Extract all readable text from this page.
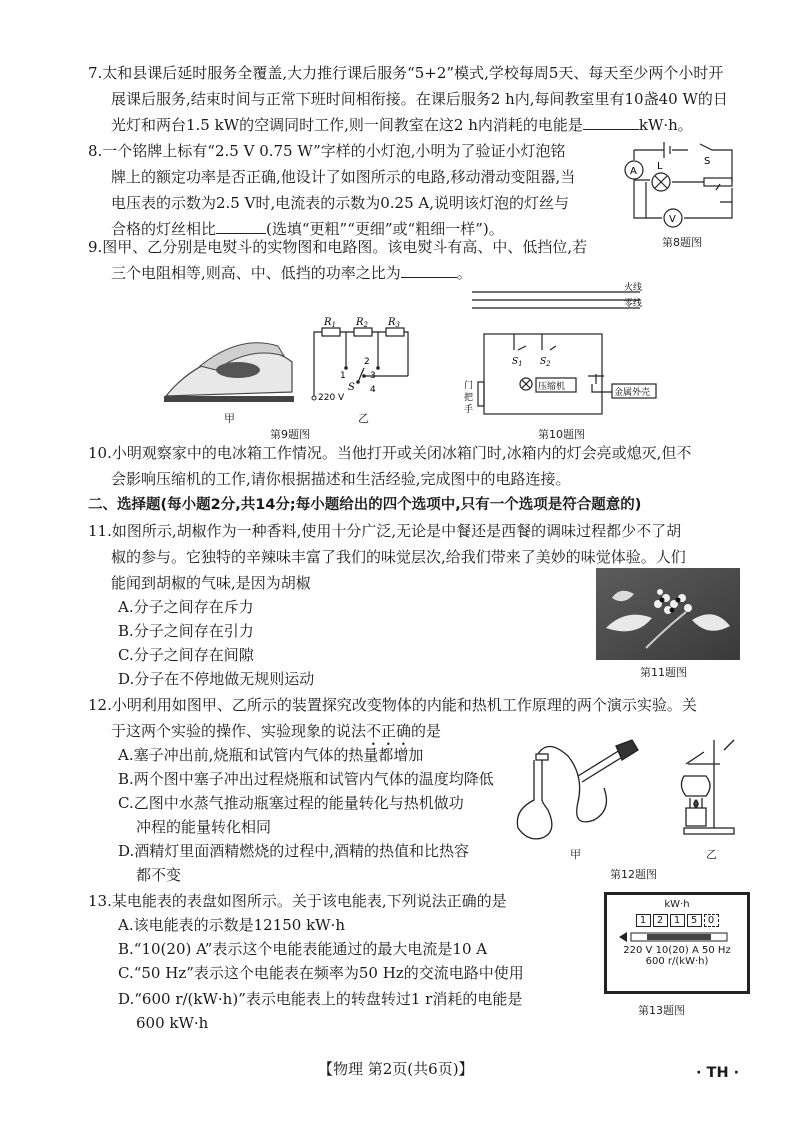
7.太和县课后延时服务全覆盖,大力推行课后服务“5+2”模式,学校每周5天、每天至少两个小时开
展课后服务,结束时间与正常下班时间相衔接。在课后服务2 h内,每间教室里有10盏40 W的日
光灯和两台1.5 kW的空调同时工作,则一间教室在这2 h内消耗的电能是	kW·h。
8.一个铭牌上标有“2.5 V 0.75 W”字样的小灯泡,小明为了验证小灯泡铭
牌上的额定功率是否正确,他设计了如图所示的电路,移动滑动变阻器,当
电压表的示数为2.5 V时,电流表的示数为0.25 A,说明该灯泡的灯丝与
合格的灯丝相比	(选填“更粗”“更细”或“粗细一样”)。
A L
V
S
第8题图
9.图甲、乙分别是电熨斗的实物图和电路图。该电熨斗有高、中、低挡位,若
三个电阻相等,则高、中、低挡的功率之比为	。
甲
$R_1$ $R_2$ $R_3$
S
1
2
3
4
220 V
乙
第9题图
火线
零线
$S_1$ $S_2$
压缩机
金属外壳
门
把
手
第10题图
10.小明观察家中的电冰箱工作情况。当他打开或关闭冰箱门时,冰箱内的灯会亮或熄灭,但不
会影响压缩机的工作,请你根据描述和生活经验,完成图中的电路连接。
二、选择题(每小题2分,共14分;每小题给出的四个选项中,只有一个选项是符合题意的)
11.如图所示,胡椒作为一种香料,使用十分广泛,无论是中餐还是西餐的调味过程都少不了胡
椒的参与。它独特的辛辣味丰富了我们的味觉层次,给我们带来了美妙的味觉体验。人们
能闻到胡椒的气味,是因为胡椒
A.分子之间存在斥力
B.分子之间存在引力
C.分子之间存在间隙
D.分子在不停地做无规则运动	第11题图
12.小明利用如图甲、乙所示的装置探究改变物体的内能和热机工作原理的两个演示实验。关
于这两个实验的操作、实验现象的说法不正确的是
A.塞子冲出前,烧瓶和试管内气体的热量都增加
B.两个图中塞子冲出过程烧瓶和试管内气体的温度均降低
C.乙图中水蒸气推动瓶塞过程的能量转化与热机做功
冲程的能量转化相同
D.酒精灯里面酒精燃烧的过程中,酒精的热值和比热容
都不变
甲	乙
第12题图
13.某电能表的表盘如图所示。关于该电能表,下列说法正确的是
A.该电能表的示数是12150 kW·h
B.“10(20) A”表示这个电能表能通过的最大电流是10 A
C.“50 Hz”表示这个电能表在频率为50 Hz的交流电路中使用
D.“600 r/(kW·h)”表示电能表上的转盘转过1 r消耗的电能是
600 kW·h
kW·h
1	2	1	5	0
220 V 10(20) A 50 Hz
600 r/(kW·h)
第13题图
【物理 第2页(共6页)】	· TH ·
